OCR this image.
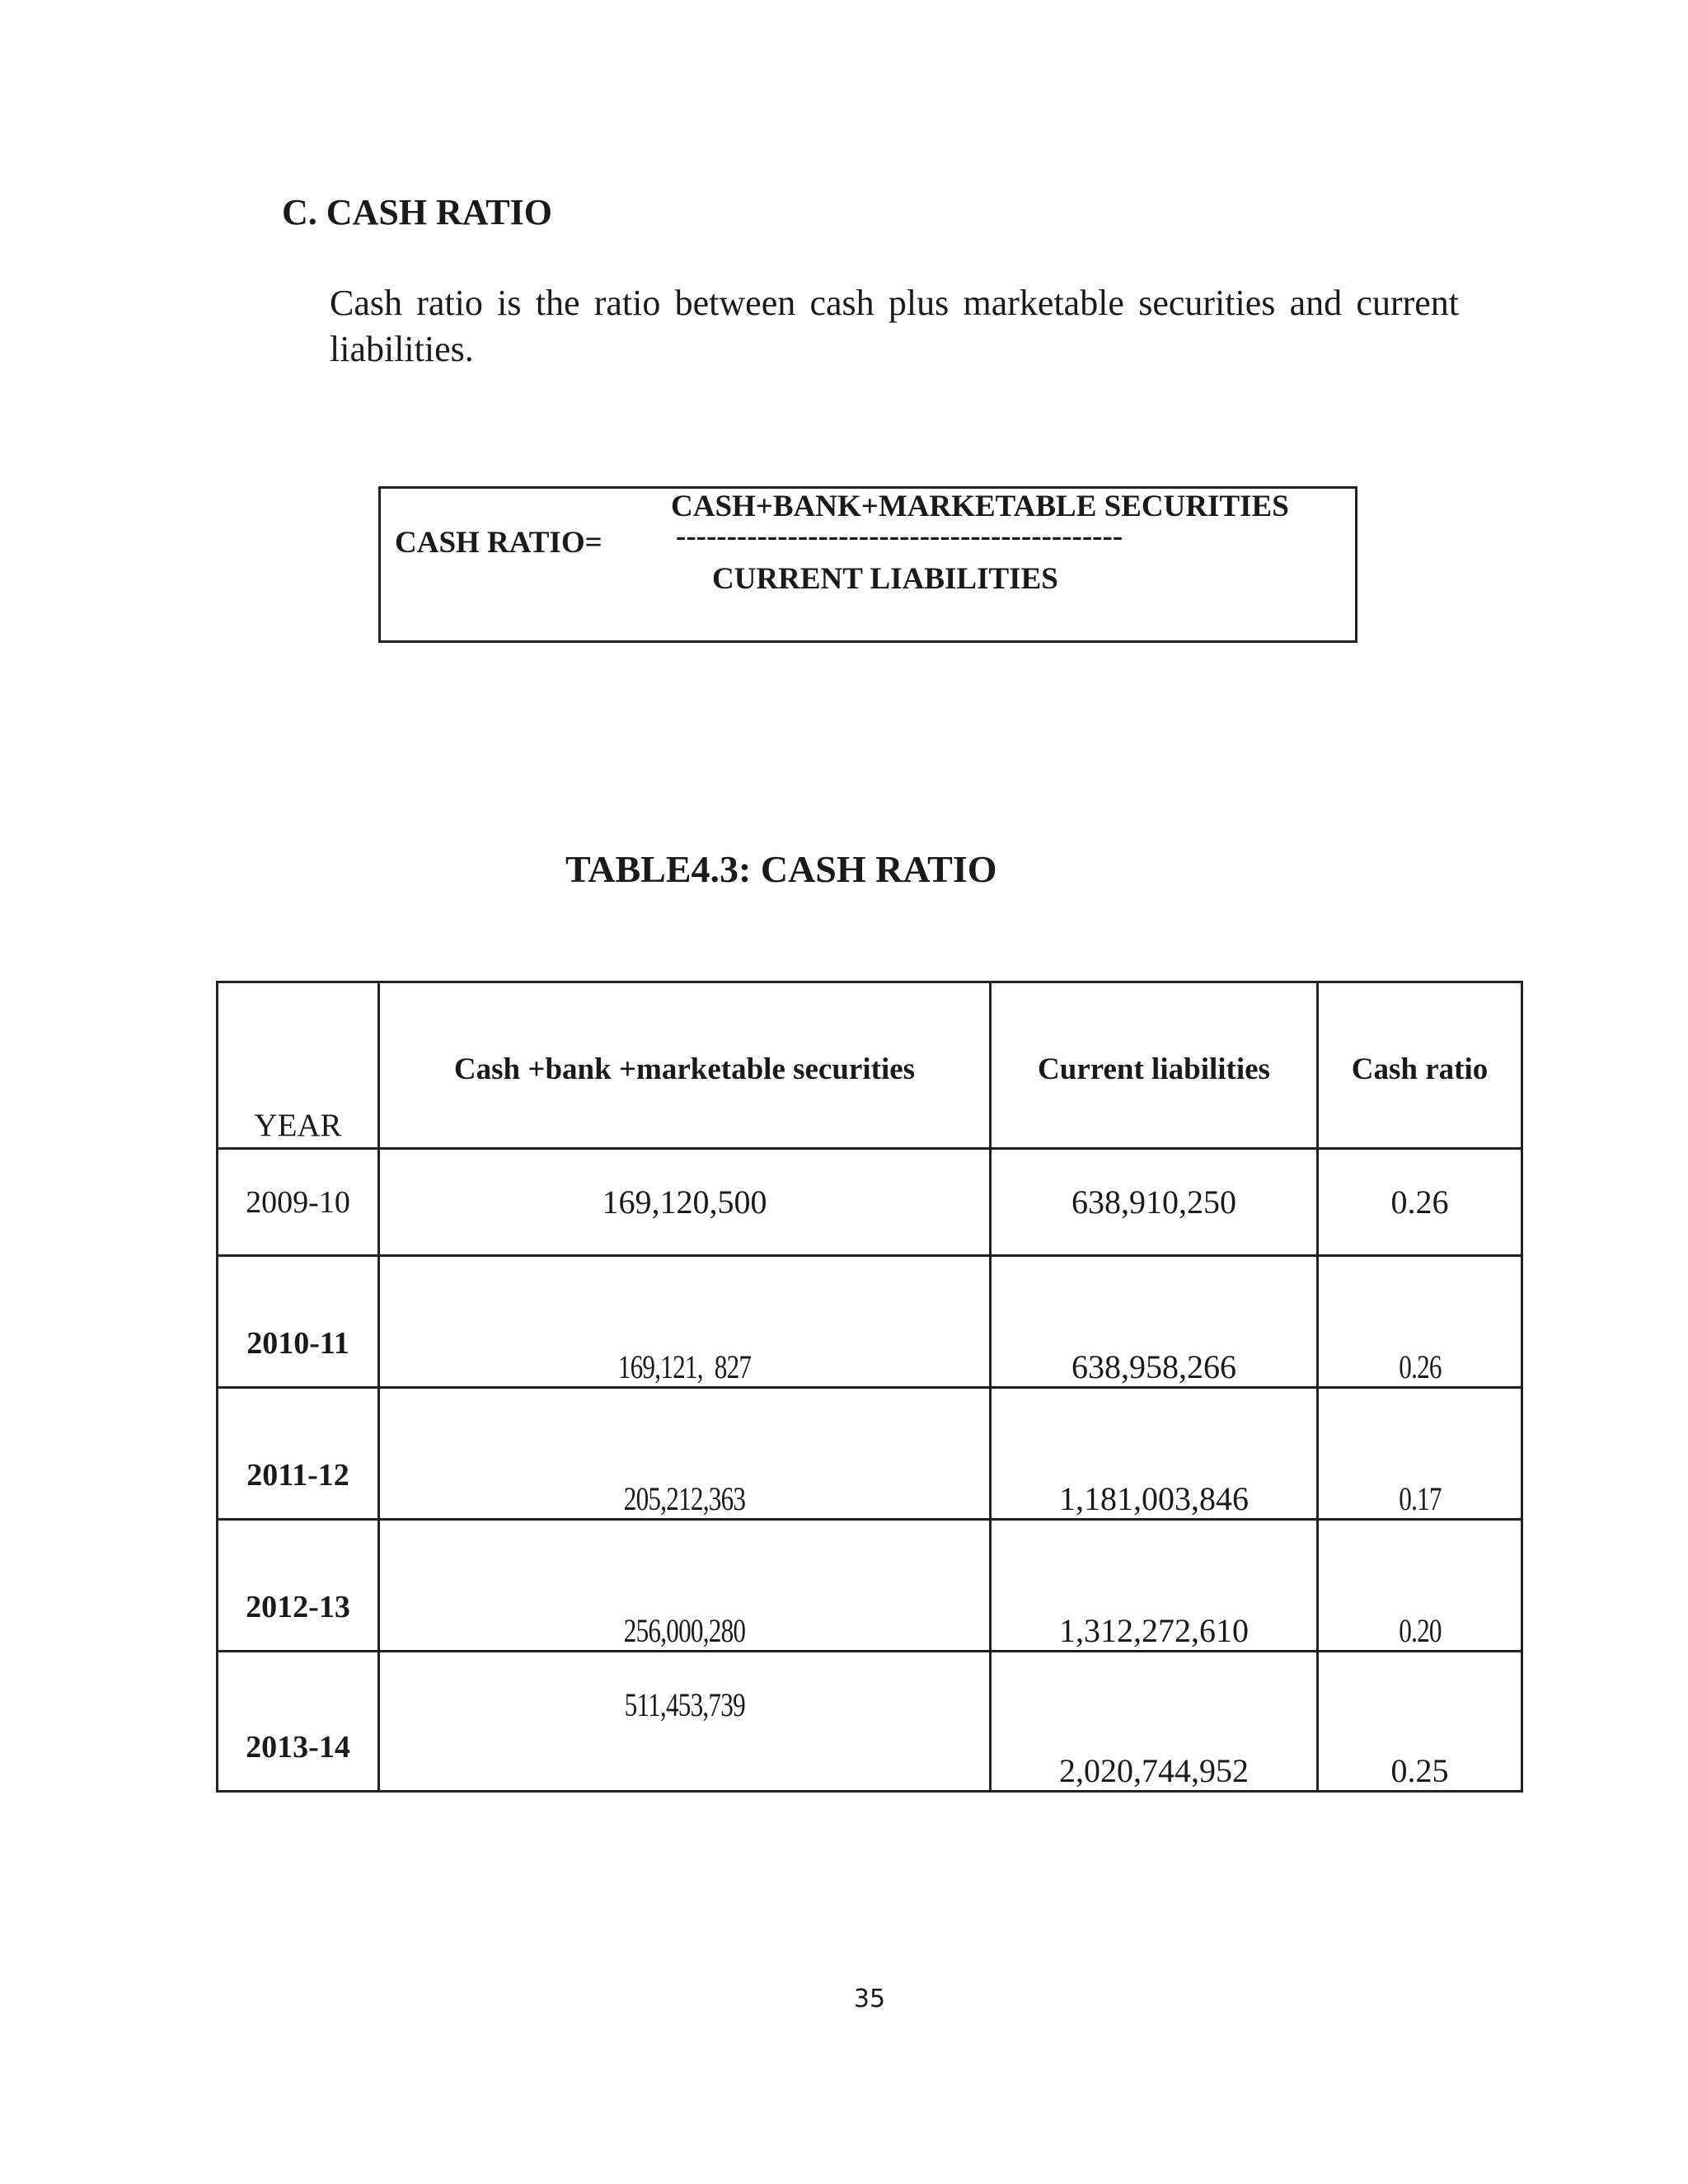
C. CASH RATIO

Cash ratio is the ratio between cash plus marketable securities and current liabilities.

CASH+BANK+MARKETABLE SECURITIES
CASH RATIO= --------------------------------------------
CURRENT LIABILITIES
TABLE4.3: CASH RATIO
YEAR	Cash +bank +marketable securities	Current liabilities	Cash ratio
2009-10	169,120,500	638,910,250	0.26
2010-11	169,121,  827	638,958,266	0.26
2011-12	205,212,363	1,181,003,846	0.17
2012-13	256,000,280	1,312,272,610	0.20
2013-14	511,453,739	2,020,744,952	0.25

35
